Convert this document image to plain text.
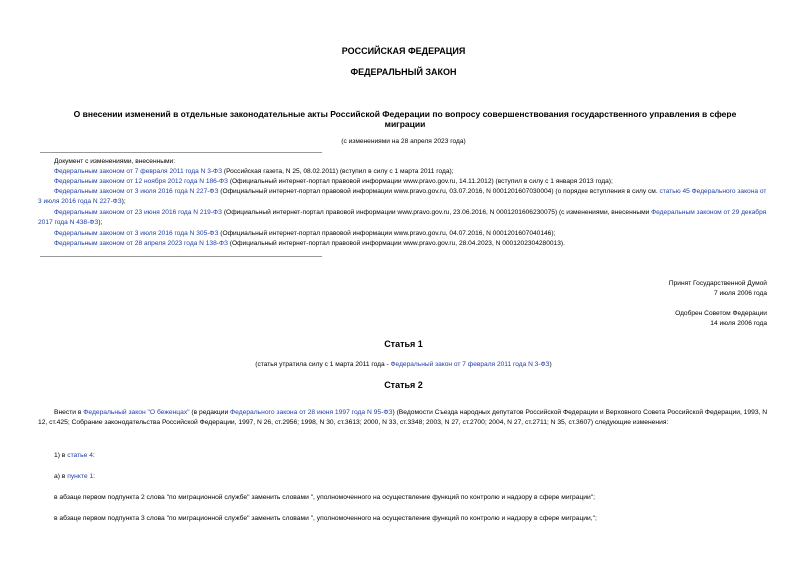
РОССИЙСКАЯ ФЕДЕРАЦИЯ
ФЕДЕРАЛЬНЫЙ ЗАКОН
О внесении изменений в отдельные законодательные акты Российской Федерации по вопросу совершенствования государственного управления в сфере миграции
(с изменениями на 28 апреля 2023 года)
Документ с изменениями, внесенными:
Федеральным законом от 7 февраля 2011 года N 3-ФЗ (Российская газета, N 25, 08.02.2011) (вступил в силу с 1 марта 2011 года);
Федеральным законом от 12 ноября 2012 года N 186-ФЗ (Официальный интернет-портал правовой информации www.pravo.gov.ru, 14.11.2012) (вступил в силу с 1 января 2013 года);
Федеральным законом от 3 июля 2016 года N 227-ФЗ (Официальный интернет-портал правовой информации www.pravo.gov.ru, 03.07.2016, N 0001201607030004) (о порядке вступления в силу см. статью 45 Федерального закона от 3 июля 2016 года N 227-ФЗ);
Федеральным законом от 23 июня 2016 года N 219-ФЗ (Официальный интернет-портал правовой информации www.pravo.gov.ru, 23.06.2016, N 0001201606230075) (с изменениями, внесенными Федеральным законом от 29 декабря 2017 года N 438-ФЗ);
Федеральным законом от 3 июля 2016 года N 305-ФЗ (Официальный интернет-портал правовой информации www.pravo.gov.ru, 04.07.2016, N 0001201607040146);
Федеральным законом от 28 апреля 2023 года N 138-ФЗ (Официальный интернет-портал правовой информации www.pravo.gov.ru, 28.04.2023, N 0001202304280013).
Принят Государственной Думой
7 июля 2006 года
Одобрен Советом Федерации
14 июля 2006 года
Статья 1
(статья утратила силу с 1 марта 2011 года - Федеральный закон от 7 февраля 2011 года N 3-ФЗ)
Статья 2
Внести в Федеральный закон "О беженцах" (в редакции Федерального закона от 28 июня 1997 года N 95-ФЗ) (Ведомости Съезда народных депутатов Российской Федерации и Верховного Совета Российской Федерации, 1993, N 12, ст.425; Собрание законодательства Российской Федерации, 1997, N 26, ст.2956; 1998, N 30, ст.3613; 2000, N 33, ст.3348; 2003, N 27, ст.2700; 2004, N 27, ст.2711; N 35, ст.3607) следующие изменения:
1) в статье 4:
а) в пункте 1:
в абзаце первом подпункта 2 слова "по миграционной службе" заменить словами ", уполномоченного на осуществление функций по контролю и надзору в сфере миграции";
в абзаце первом подпункта 3 слова "по миграционной службе" заменить словами ", уполномоченного на осуществление функций по контролю и надзору в сфере миграции,";
